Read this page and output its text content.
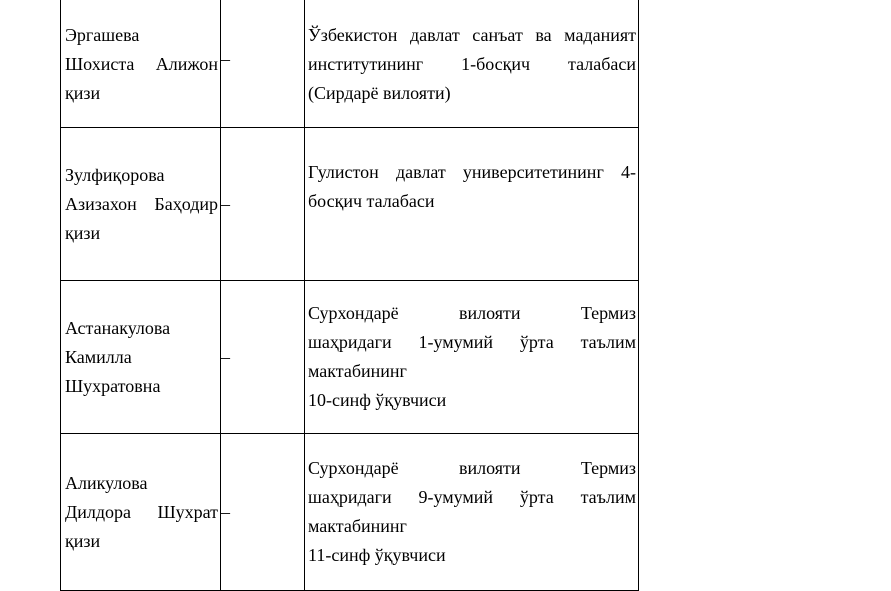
Эргашева
Шохиста Алижон
қизи	–	Ўзбекистон давлат санъат ва маданият
институтининг 1-босқич талабаси
(Сирдарё вилояти)

Зулфиқорова
Азизахон Баҳодир
қизи	–	Гулистон давлат университетининг 4-
босқич талабаси

Астанакулова
Камилла
Шухратовна	–	Сурхондарё вилояти Термиз
шаҳридаги 1-умумий ўрта таълим
мактабининг
10-синф ўқувчиси

Аликулова
Дилдора Шухрат
қизи	–	Сурхондарё вилояти Термиз
шаҳридаги 9-умумий ўрта таълим
мактабининг
11-синф ўқувчиси
